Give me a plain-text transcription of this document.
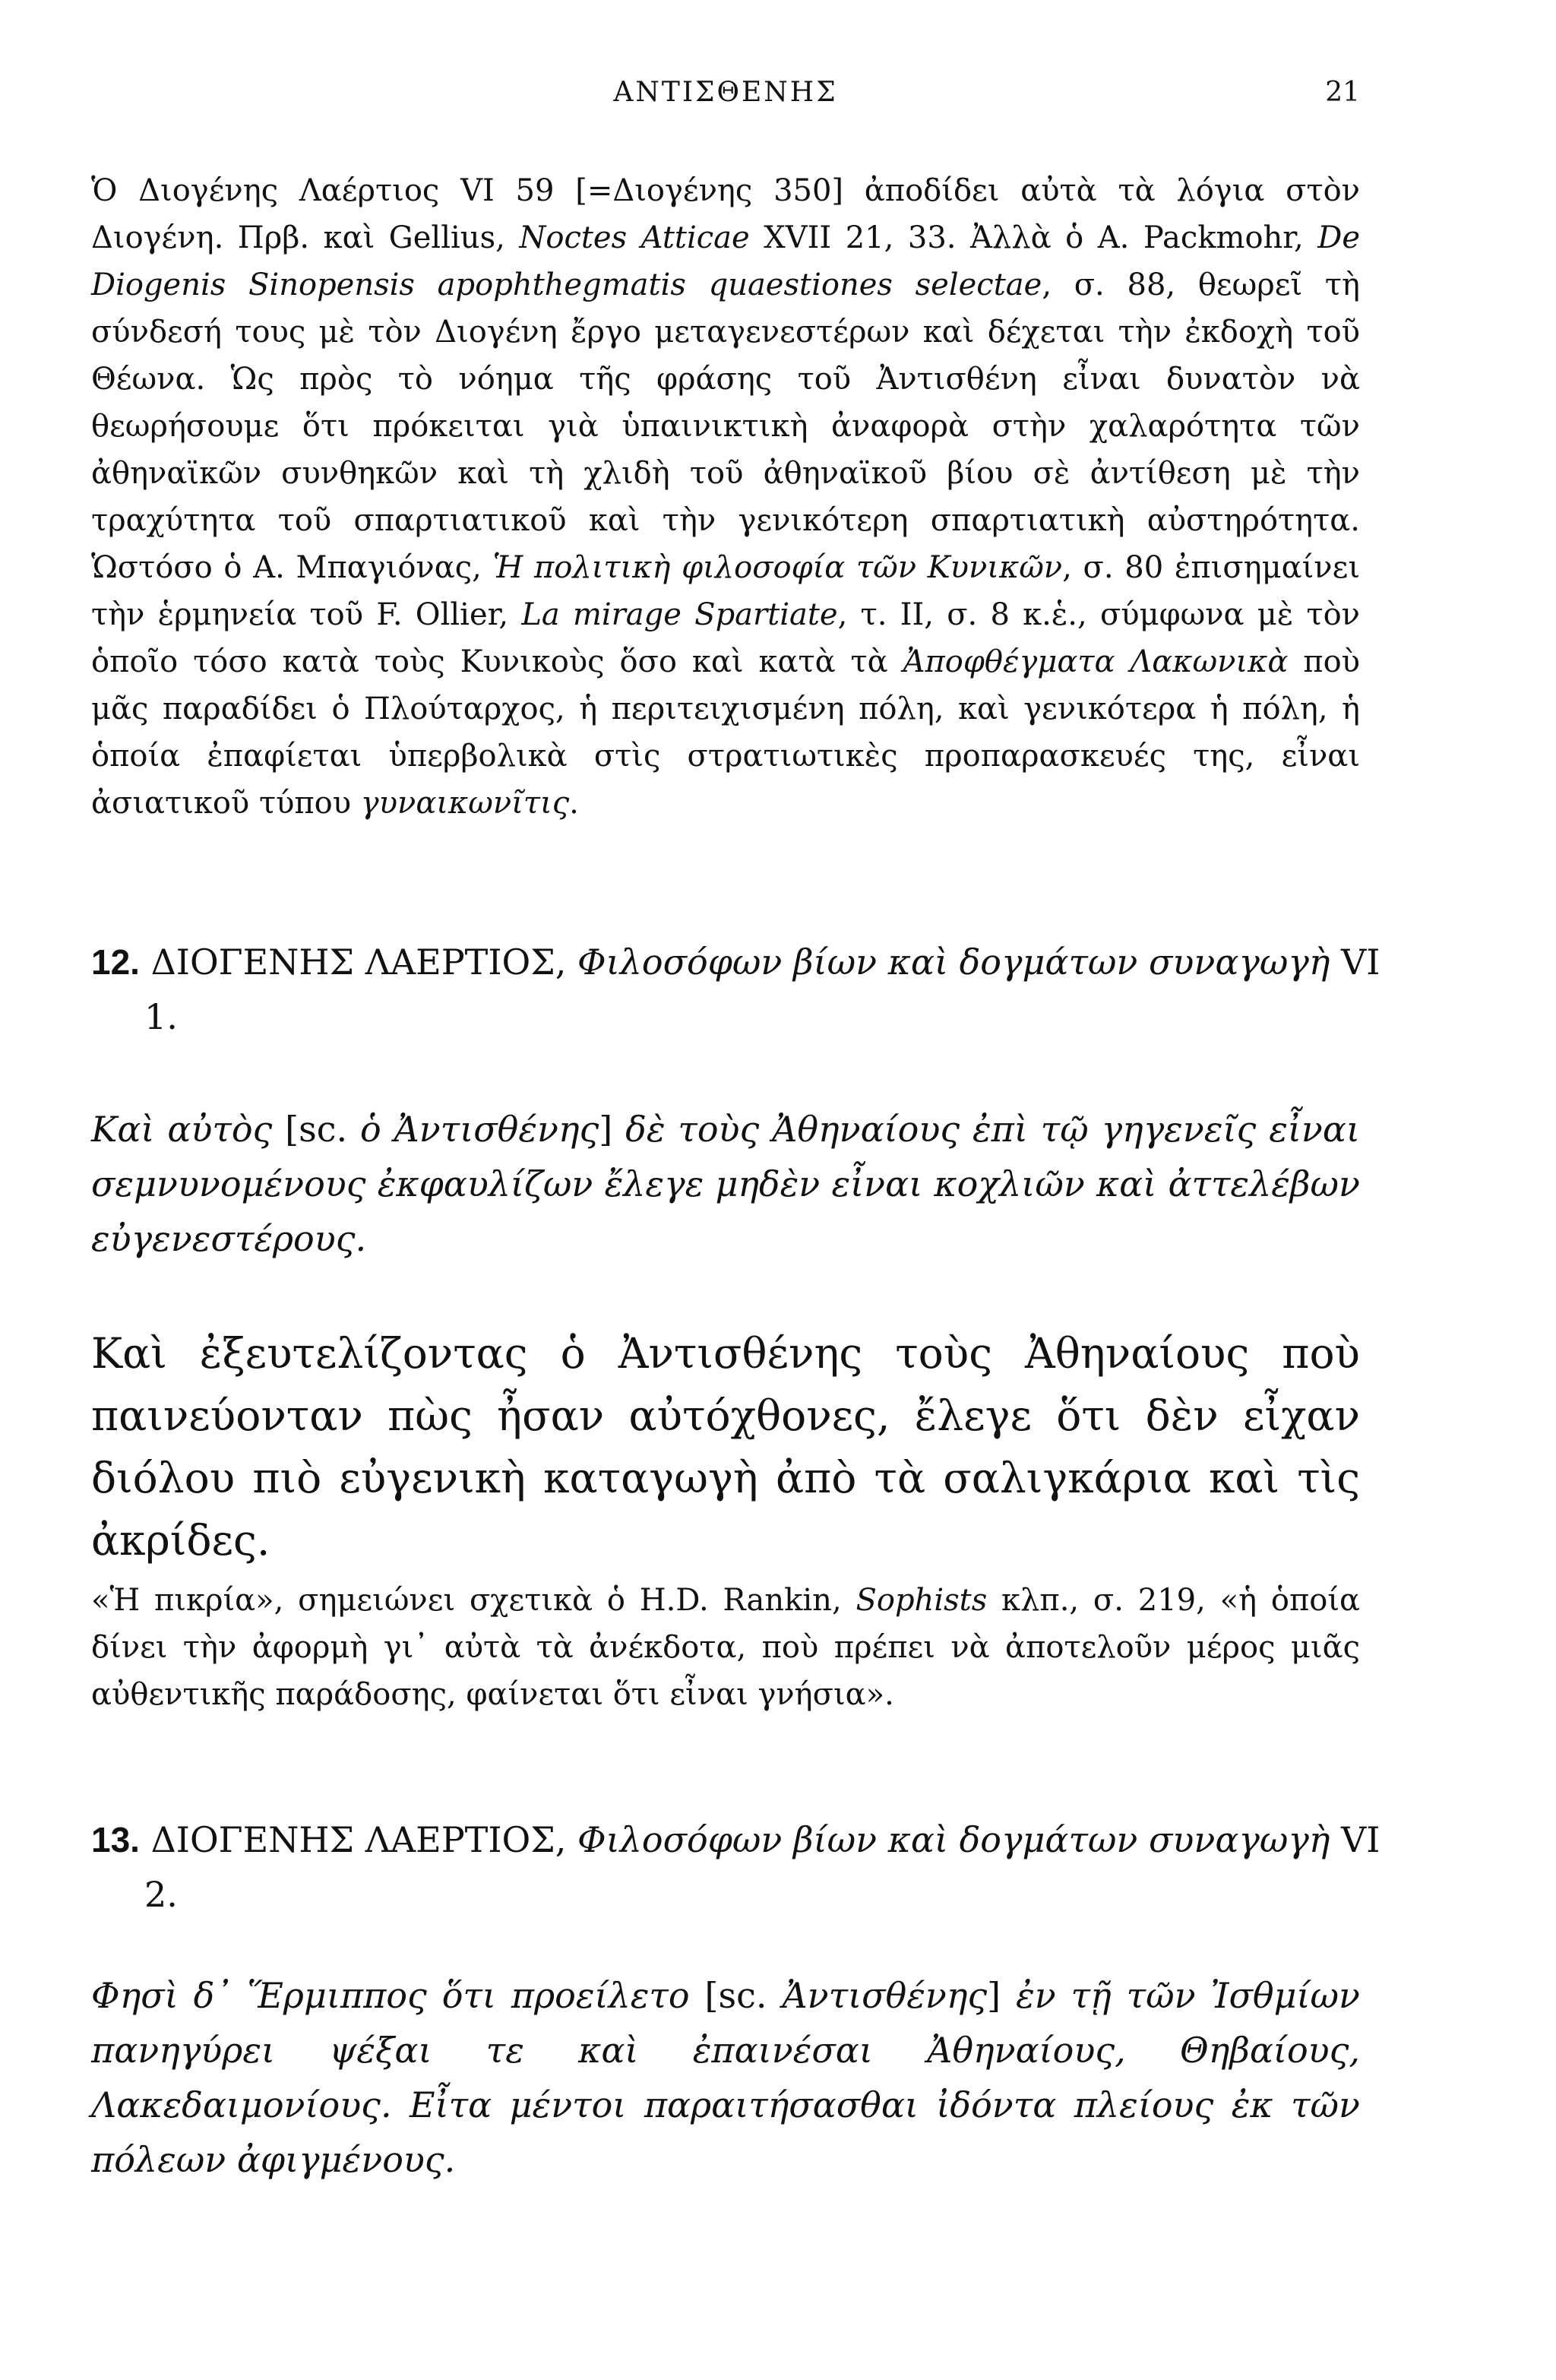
ΑΝΤΙΣΘΕΝΗΣ	21

Ὁ Διογένης Λαέρτιος VI 59 [=Διογένης 350] ἀποδίδει αὐτὰ τὰ λόγια στὸν Διογένη. Πρβ. καὶ Gellius, Noctes Atticae XVII 21, 33. Ἀλλὰ ὁ A. Packmohr, De Diogenis Sinopensis apophthegmatis quaestiones selectae, σ. 88, θεωρεῖ τὴ σύνδεσή τους μὲ τὸν Διογένη ἔργο μεταγενεστέρων καὶ δέχεται τὴν ἐκδοχὴ τοῦ Θέωνα. Ὡς πρὸς τὸ νόημα τῆς φράσης τοῦ Ἀντισθένη εἶναι δυνατὸν νὰ θεωρήσουμε ὅτι πρόκειται γιὰ ὑπαινικτικὴ ἀναφορὰ στὴν χαλαρότητα τῶν ἀθηναϊκῶν συνθηκῶν καὶ τὴ χλιδὴ τοῦ ἀθηναϊκοῦ βίου σὲ ἀντίθεση μὲ τὴν τραχύτητα τοῦ σπαρτιατικοῦ καὶ τὴν γενικότερη σπαρτιατικὴ αὐστηρότητα. Ὡστόσο ὁ Α. Μπαγιόνας, Ἡ πολιτικὴ φιλοσοφία τῶν Κυνικῶν, σ. 80 ἐπισημαίνει τὴν ἑρμηνεία τοῦ F. Ollier, La mirage Spartiate, τ. II, σ. 8 κ.ἑ., σύμφωνα μὲ τὸν ὁποῖο τόσο κατὰ τοὺς Κυνικοὺς ὅσο καὶ κατὰ τὰ Ἀποφθέγματα Λακωνικὰ ποὺ μᾶς παραδίδει ὁ Πλούταρχος, ἡ περιτειχισμένη πόλη, καὶ γενικότερα ἡ πόλη, ἡ ὁποία ἐπαφίεται ὑπερβολικὰ στὶς στρατιωτικὲς προπαρασκευές της, εἶναι ἀσιατικοῦ τύπου γυναικωνῖτις.

12. ΔΙΟΓΕΝΗΣ ΛΑΕΡΤΙΟΣ, Φιλοσόφων βίων καὶ δογμάτων συναγωγὴ VI 1.

Καὶ αὐτὸς [sc. ὁ Ἀντισθένης] δὲ τοὺς Ἀθηναίους ἐπὶ τῷ γηγενεῖς εἶναι σεμνυνομένους ἐκφαυλίζων ἔλεγε μηδὲν εἶναι κοχλιῶν καὶ ἀττελέβων εὐγενεστέρους.

Καὶ ἐξευτελίζοντας ὁ Ἀντισθένης τοὺς Ἀθηναίους ποὺ παινεύονταν πὼς ἦσαν αὐτόχθονες, ἔλεγε ὅτι δὲν εἶχαν διόλου πιὸ εὐγενικὴ καταγωγὴ ἀπὸ τὰ σαλιγκάρια καὶ τὶς ἀκρίδες.

«Ἡ πικρία», σημειώνει σχετικὰ ὁ H.D. Rankin, Sophists κλπ., σ. 219, «ἡ ὁποία δίνει τὴν ἀφορμὴ γι᾽ αὐτὰ τὰ ἀνέκδοτα, ποὺ πρέπει νὰ ἀποτελοῦν μέρος μιᾶς αὐθεντικῆς παράδοσης, φαίνεται ὅτι εἶναι γνήσια».

13. ΔΙΟΓΕΝΗΣ ΛΑΕΡΤΙΟΣ, Φιλοσόφων βίων καὶ δογμάτων συναγωγὴ VI 2.

Φησὶ δ᾽ Ἕρμιππος ὅτι προείλετο [sc. Ἀντισθένης] ἐν τῇ τῶν Ἰσθμίων πανηγύρει ψέξαι τε καὶ ἐπαινέσαι Ἀθηναίους, Θηβαίους, Λακεδαιμονίους. Εἶτα μέντοι παραιτήσασθαι ἰδόντα πλείους ἐκ τῶν πόλεων ἀφιγμένους.
